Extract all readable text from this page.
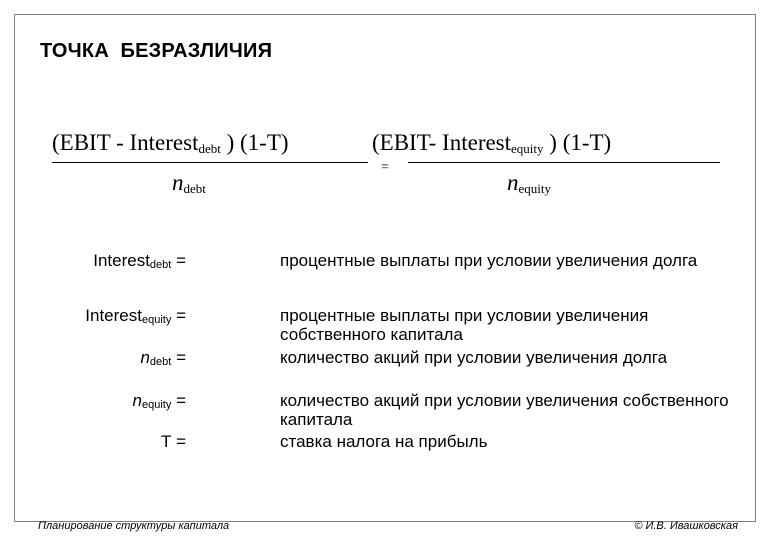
ТОЧКА  БЕЗРАЗЛИЧИЯ
(EBIT - Interest$_{debt}$ ) (1-T)
$n_{debt}$
=
(EBIT- Interest$_{equity}$ ) (1-T)
$n_{equity}$
Interest$_{debt}$ =	процентные выплаты при условии увеличения долга
Interest$_{equity}$ =	процентные выплаты при условии увеличения собственного капитала
$n_{debt}$ =	количество акций при условии увеличения долга
$n_{equity}$ =	количество акций при условии увеличения собственного капитала
Т =	ставка налога на прибыль
Планирование структуры капитала	© И.В. Ивашковская
